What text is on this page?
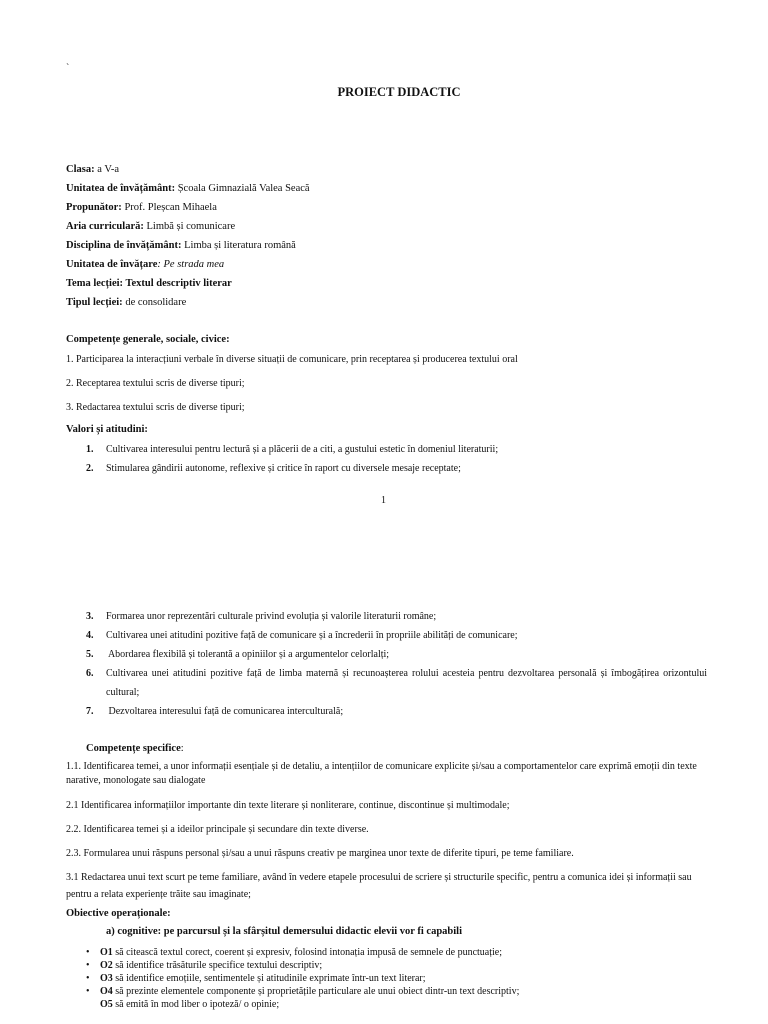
`
PROIECT DIDACTIC
Clasa: a V-a
Unitatea de învățământ: Școala Gimnazială Valea Seacă
Propunător: Prof. Pleșcan Mihaela
Aria curriculară: Limbă și comunicare
Disciplina de învățământ: Limba și literatura română
Unitatea de învățare: Pe strada mea
Tema lecției: Textul descriptiv literar
Tipul lecției: de consolidare
Competențe generale, sociale, civice:
1. Participarea la interacțiuni verbale în diverse situații de comunicare, prin receptarea și producerea textului oral
2. Receptarea textului scris de diverse tipuri;
3. Redactarea textului scris de diverse tipuri;
Valori și atitudini:
1. Cultivarea interesului pentru lectură și a plăcerii de a citi, a gustului estetic în domeniul literaturii;
2. Stimularea gândirii autonome, reflexive și critice în raport cu diversele mesaje receptate;
1
3. Formarea unor reprezentări culturale privind evoluția și valorile literaturii române;
4. Cultivarea unei atitudini pozitive față de comunicare și a încrederii în propriile abilități de comunicare;
5. Abordarea flexibilă și tolerantă a opiniilor și a argumentelor celorlalți;
6. Cultivarea unei atitudini pozitive față de limba maternă și recunoașterea rolului acesteia pentru dezvoltarea personală și îmbogățirea orizontului cultural;
7. Dezvoltarea interesului față de comunicarea interculturală;
Competențe specifice:
1.1. Identificarea temei, a unor informații esențiale și de detaliu, a intențiilor de comunicare explicite și/sau a comportamentelor care exprimă emoții din texte narative, monologate sau dialogate
2.1 Identificarea informațiilor importante din texte literare și nonliterare, continue, discontinue și multimodale;
2.2. Identificarea temei și a ideilor principale și secundare din texte diverse.
2.3. Formularea unui răspuns personal și/sau a unui răspuns creativ pe marginea unor texte de diferite tipuri, pe teme familiare.
3.1 Redactarea unui text scurt pe teme familiare, având în vedere etapele procesului de scriere și structurile specific, pentru a comunica idei și informații sau pentru a relata experiențe trăite sau imaginate;
Obiective operaționale:
a) cognitive: pe parcursul și la sfârșitul demersului didactic elevii vor fi capabili
• O1 să citească textul corect, coerent și expresiv, folosind intonația impusă de semnele de punctuație;
• O2 să identifice trăsăturile specifice textului descriptiv;
• O3 să identifice emoțiile, sentimentele și atitudinile exprimate într-un text literar;
• O4 să prezinte elementele componente și proprietățile particulare ale unui obiect dintr-un text descriptiv;
O5 să emită în mod liber o ipoteză/ o opinie;
